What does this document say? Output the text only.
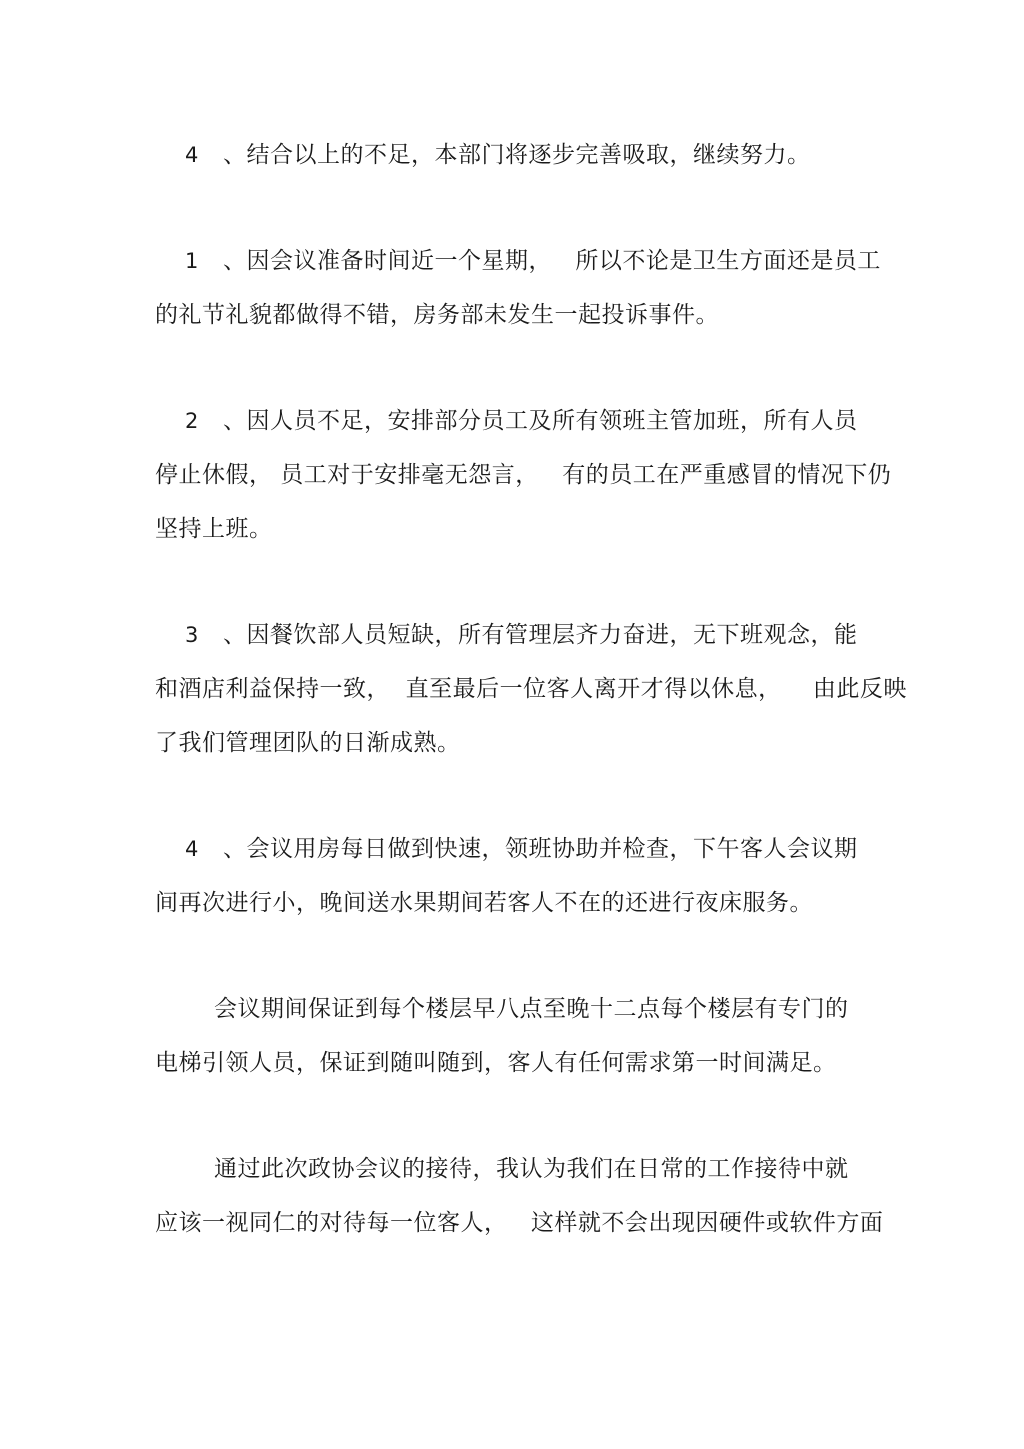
4 、结合以上的不足，本部门将逐步完善吸取，继续努力。
1 、因会议准备时间近一个星期，   所以不论是卫生方面还是员工
的礼节礼貌都做得不错，房务部未发生一起投诉事件。
2 、因人员不足，安排部分员工及所有领班主管加班，所有人员
停止休假， 员工对于安排毫无怨言，   有的员工在严重感冒的情况下仍
坚持上班。
3 、因餐饮部人员短缺，所有管理层齐力奋进，无下班观念，能
和酒店利益保持一致，  直至最后一位客人离开才得以休息，    由此反映
了我们管理团队的日渐成熟。
4 、会议用房每日做到快速，领班协助并检查，下午客人会议期
间再次进行小，晚间送水果期间若客人不在的还进行夜床服务。
会议期间保证到每个楼层早八点至晚十二点每个楼层有专门的
电梯引领人员，保证到随叫随到，客人有任何需求第一时间满足。
通过此次政协会议的接待，我认为我们在日常的工作接待中就
应该一视同仁的对待每一位客人，   这样就不会出现因硬件或软件方面
